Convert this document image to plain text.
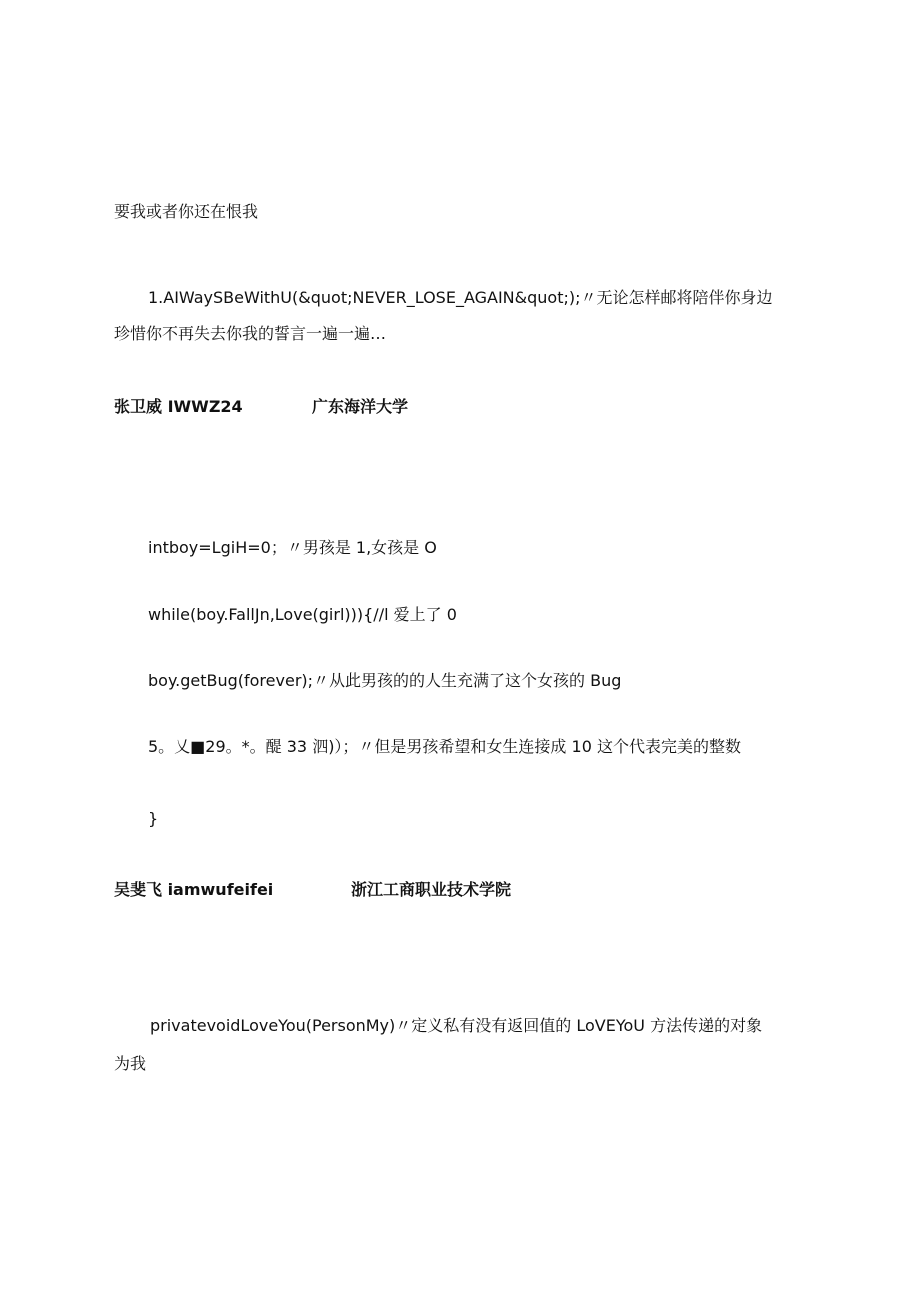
要我或者你还在恨我
1.AIWaySBeWithU(&quot;NEVER_LOSE_AGAIN&quot;);〃无论怎样邮将陪伴你身边
珍惜你不再失去你我的誓言一遍一遍…
张卫威 IWWZ24	广东海洋大学
intboy=LgiH=0；〃男孩是 1,女孩是 O
while(boy.FallJn,Love(girl))){∕∕l 爱上了 0
boy.getBug(forever);〃从此男孩的的人生充满了这个女孩的 Bug
5。乂■29。*。醍 33 泗)）；〃但是男孩希望和女生连接成 10 这个代表完美的整数
}
吴斐飞 iamwufeifei	浙江工商职业技术学院
privatevoidLoveYou(PersonMy)〃定义私有没有返回值的 LoVEYoU 方法传递的对象
为我
